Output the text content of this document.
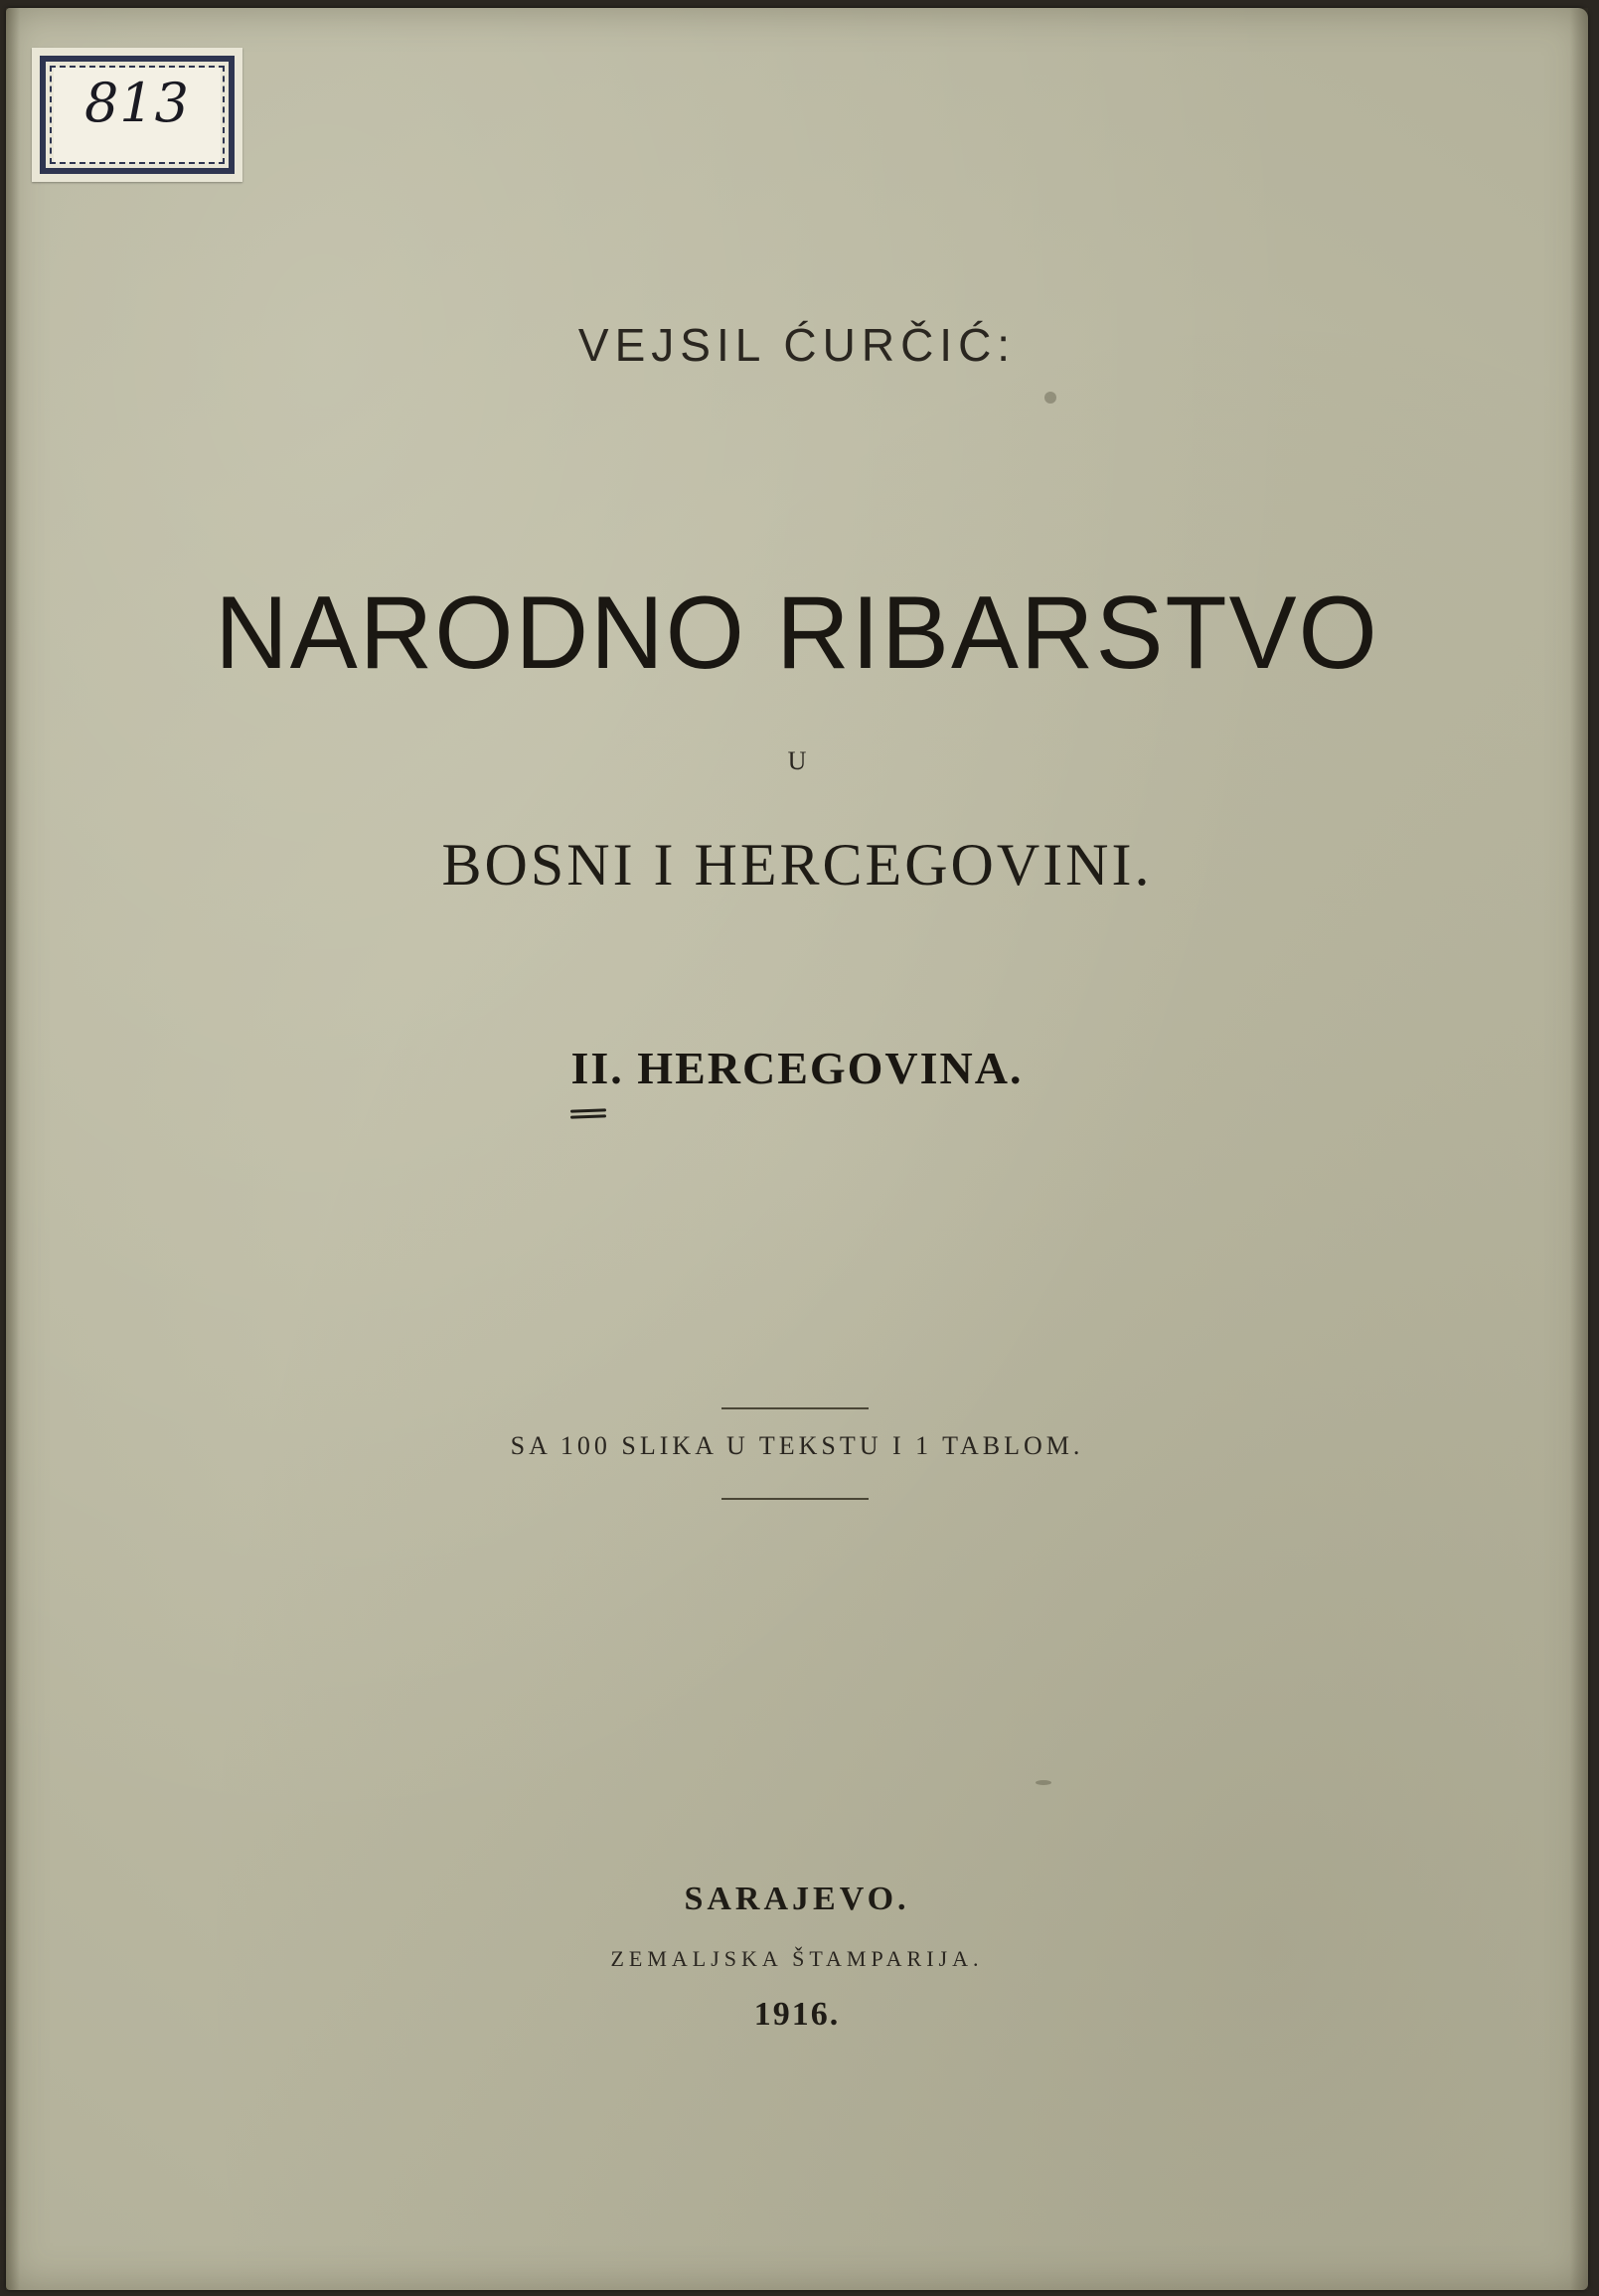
813
VEJSIL ĆURČIĆ:
NARODNO RIBARSTVO
U
BOSNI I HERCEGOVINI.
II. HERCEGOVINA.
SA 100 SLIKA U TEKSTU I 1 TABLOM.
SARAJEVO.
ZEMALJSKA ŠTAMPARIJA.
1916.
